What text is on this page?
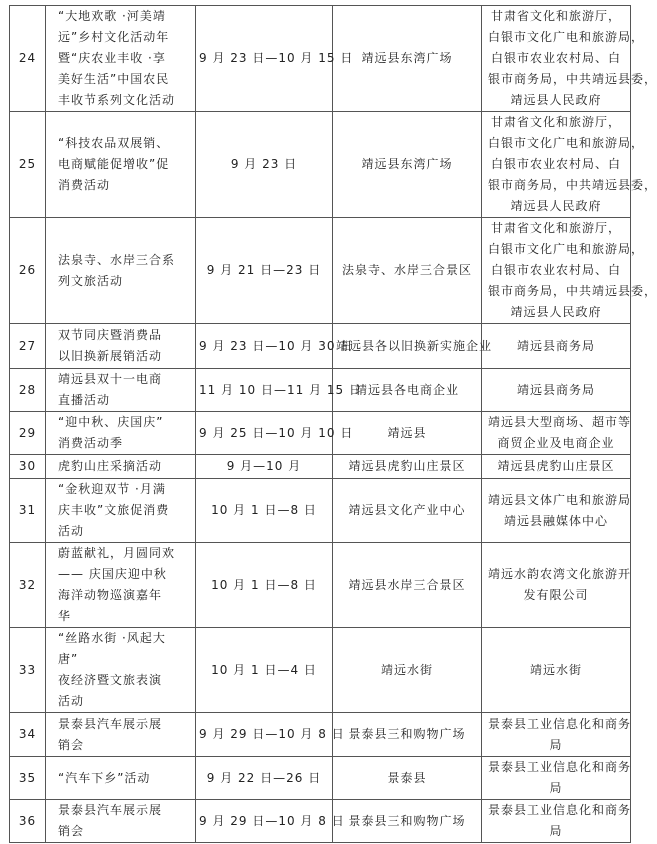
24	“大地欢歌 ·河美靖
远”乡村文化活动年
暨“庆农业丰收 ·享
美好生活”中国农民
丰收节系列文化活动	9 月 23 日—10 月 15 日	靖远县东湾广场	甘肃省文化和旅游厅，
白银市文化广电和旅游局，
白银市农业农村局、白
银市商务局，中共靖远县委，
靖远县人民政府

25	“科技农品双展销、
电商赋能促增收”促
消费活动	9 月 23 日	靖远县东湾广场	甘肃省文化和旅游厅，
白银市文化广电和旅游局，
白银市农业农村局、白
银市商务局，中共靖远县委，
靖远县人民政府

26	法泉寺、水岸三合系
列文旅活动	9 月 21 日—23 日	法泉寺、水岸三合景区	甘肃省文化和旅游厅，
白银市文化广电和旅游局，
白银市农业农村局、白
银市商务局，中共靖远县委，
靖远县人民政府

27	双节同庆暨消费品
以旧换新展销活动	9 月 23 日—10 月 30 日	靖远县各以旧换新实施企业	靖远县商务局

28	靖远县双十一电商
直播活动	11 月 10 日—11 月 15 日	靖远县各电商企业	靖远县商务局

29	“迎中秋、庆国庆”
消费活动季	9 月 25 日—10 月 10 日	靖远县	靖远县大型商场、超市等
商贸企业及电商企业

30	虎豹山庄采摘活动	9 月—10 月	靖远县虎豹山庄景区	靖远县虎豹山庄景区

31	“金秋迎双节 ·月满
庆丰收”文旅促消费
活动	10 月 1 日—8 日	靖远县文化产业中心	靖远县文体广电和旅游局
靖远县融媒体中心

32	蔚蓝献礼，月圆同欢
—— 庆国庆迎中秋
海洋动物巡演嘉年
华	10 月 1 日—8 日	靖远县水岸三合景区	靖远水韵农湾文化旅游开
发有限公司

33	“丝路水街 ·风起大
唐”
夜经济暨文旅表演
活动	10 月 1 日—4 日	靖远水街	靖远水街

34	景泰县汽车展示展
销会	9 月 29 日—10 月 8 日	景泰县三和购物广场	景泰县工业信息化和商务
局

35	“汽车下乡”活动	9 月 22 日—26 日	景泰县	景泰县工业信息化和商务
局

36	景泰县汽车展示展
销会	9 月 29 日—10 月 8 日	景泰县三和购物广场	景泰县工业信息化和商务
局
